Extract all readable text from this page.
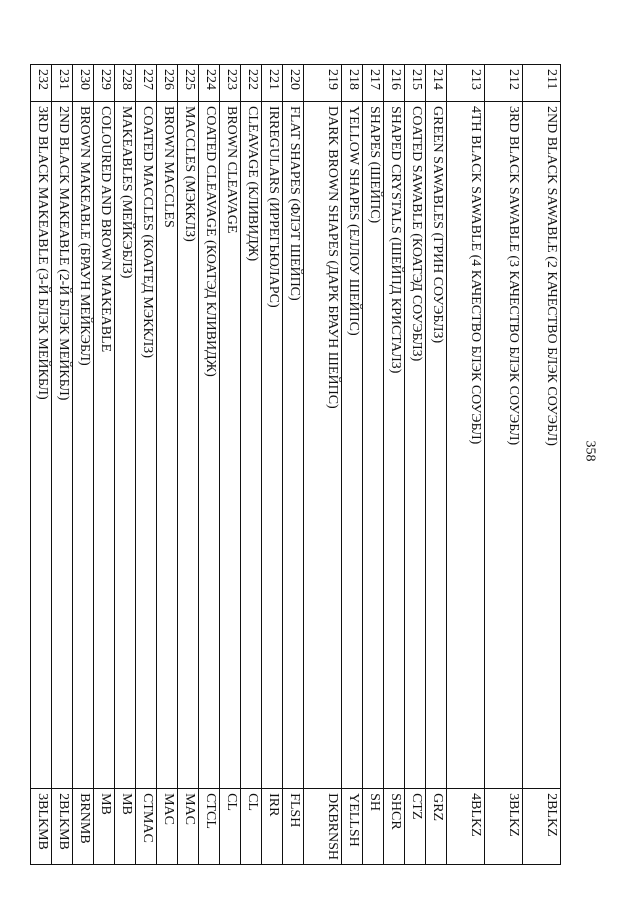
358
211	2ND BLACK SAWABLE (2 КАЧЕСТВО БЛЭК СОУЭБЛ)	2BLKZ
212	3RD BLACK SAWABLE (3 КАЧЕСТВО БЛЭК СОУЭБЛ)	3BLKZ
213	4TH BLACK SAWABLE (4 КАЧЕСТВО БЛЭК СОУЭБЛ)	4BLKZ
214	GREEN SAWABLES (ГРИН СОУЭБЛЗ)	GRZ
215	COATED SAWABLE (КОАТЭД СОУЭБЛЗ)	CTZ
216	SHAPED CRYSTALS (ШЕЙПД КРИСТАЛЗ)	SHCR
217	SHAPES (ШЕЙПС)	SH
218	YELLOW SHAPES (ЕЛЛОУ ШЕЙПС)	YELLSH
219	DARK BROWN SHAPES (ДАРК БРАУН ШЕЙПС)	DKBRNSH
220	FLAT SHAPES (ФЛЭТ ШЕЙПС)	FLSH
221	IRREGULARS (ИРРЕГЬЮЛАРС)	IRR
222	CLEAVAGE (КЛИВИДЖ)	CL
223	BROWN CLEAVAGE	CL
224	COATED CLEAVAGE (КОАТЭД КЛИВИДЖ)	CTCL
225	MACCLES (МЭККЛЗ)	MAC
226	BROWN MACCLES	MAC
227	COATED MACCLES (КОАТЕД МЭККЛЗ)	CTMAC
228	MAKEABLES (МЕЙКЭБЛЗ)	MB
229	COLOURED AND BROWN MAKEABLE	MB
230	BROWN MAKEABLE (БРАУН МЕЙКЭБЛ)	BRNMB
231	2ND BLACK MAKEABLE (2-Й БЛЭК МЕЙКБЛ)	2BLKMB
232	3RD BLACK MAKEABLE (3-Й БЛЭК МЕЙКБЛ)	3BLKMB
